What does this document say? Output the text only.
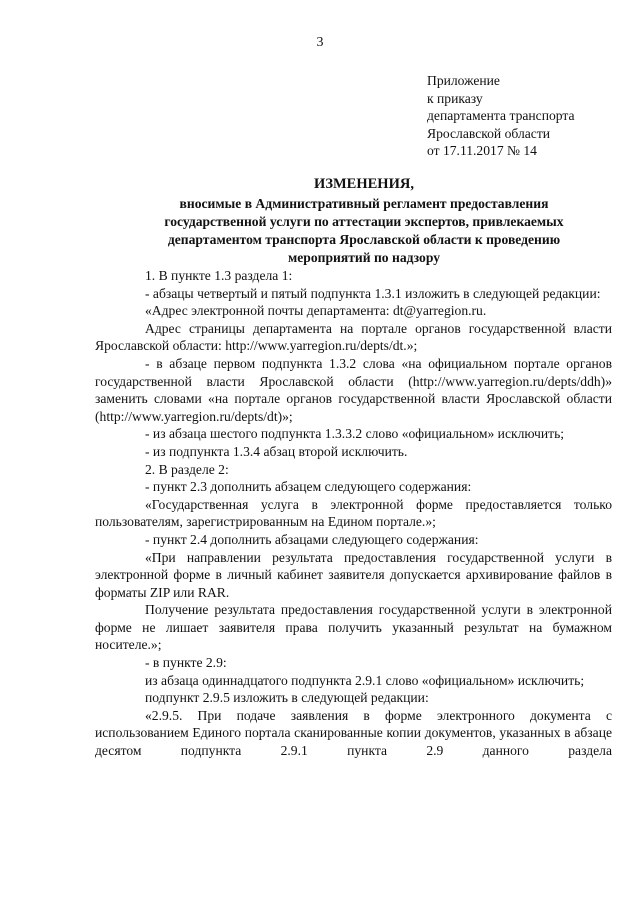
3
Приложение
к приказу
департамента транспорта
Ярославской области
от 17.11.2017 № 14
ИЗМЕНЕНИЯ,
вносимые в Административный регламент предоставления
государственной услуги по аттестации экспертов, привлекаемых
департаментом транспорта Ярославской области к проведению
мероприятий по надзору

1. В пункте 1.3 раздела 1:

- абзацы четвертый и пятый подпункта 1.3.1 изложить в следующей редакции:

«Адрес электронной почты департамента: dt@yarregion.ru.

Адрес страницы департамента на портале органов государственной власти Ярославской области: http://www.yarregion.ru/depts/dt.»;

- в абзаце первом подпункта 1.3.2 слова «на официальном портале органов государственной власти Ярославской области (http://www.yarregion.ru/depts/ddh)» заменить словами «на портале органов государственной власти Ярославской области (http://www.yarregion.ru/depts/dt)»;

- из абзаца шестого подпункта 1.3.3.2 слово «официальном» исключить;

- из подпункта 1.3.4 абзац второй исключить.

2. В разделе 2:

- пункт 2.3 дополнить абзацем следующего содержания:

«Государственная услуга в электронной форме предоставляется только пользователям, зарегистрированным на Едином портале.»;

- пункт 2.4 дополнить абзацами следующего содержания:

«При направлении результата предоставления государственной услуги в электронной форме в личный кабинет заявителя допускается архивирование файлов в форматы ZIP или RAR.

Получение результата предоставления государственной услуги в электронной форме не лишает заявителя права получить указанный результат на бумажном носителе.»;

- в пункте 2.9:

из абзаца одиннадцатого подпункта 2.9.1 слово «официальном» исключить;

подпункт 2.9.5 изложить в следующей редакции:

«2.9.5. При подаче заявления в форме электронного документа с использованием Единого портала сканированные копии документов, указанных в абзаце десятом подпункта 2.9.1 пункта 2.9 данного раздела
